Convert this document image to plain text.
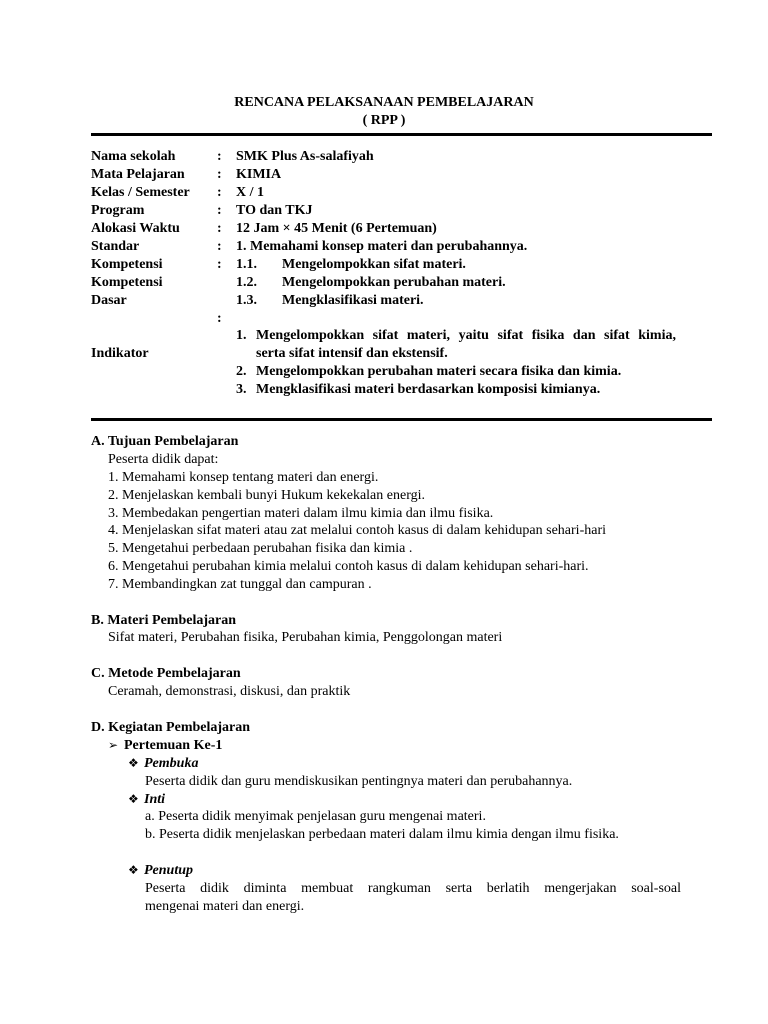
RENCANA PELAKSANAAN PEMBELAJARAN
( RPP )
Nama sekolah
Mata Pelajaran
Kelas / Semester
Program
Alokasi Waktu
Standar
Kompetensi
Kompetensi
Dasar
Indikator
:
:
:
:
:
:
:
:
SMK Plus As-salafiyah
KIMIA
X / 1
TO dan TKJ
12 Jam × 45 Menit (6 Pertemuan)
1. Memahami konsep materi dan perubahannya.
1.1. Mengelompokkan sifat materi.
1.2. Mengelompokkan perubahan materi.
1.3. Mengklasifikasi materi.
1. Mengelompokkan sifat materi, yaitu sifat fisika dan sifat kimia,
serta sifat intensif dan ekstensif.
2. Mengelompokkan perubahan materi secara fisika dan kimia.
3. Mengklasifikasi materi berdasarkan komposisi kimianya.
A. Tujuan Pembelajaran
Peserta didik dapat:
1. Memahami konsep tentang materi dan energi.
2. Menjelaskan kembali bunyi Hukum kekekalan energi.
3. Membedakan pengertian materi dalam ilmu kimia dan ilmu fisika.
4. Menjelaskan sifat materi atau zat melalui contoh kasus di dalam kehidupan sehari-hari
5. Mengetahui perbedaan perubahan fisika dan kimia .
6. Mengetahui perubahan kimia melalui contoh kasus di dalam kehidupan sehari-hari.
7. Membandingkan zat tunggal dan campuran .
B. Materi Pembelajaran
Sifat materi, Perubahan fisika, Perubahan kimia, Penggolongan materi
C. Metode Pembelajaran
Ceramah, demonstrasi, diskusi, dan praktik
D. Kegiatan Pembelajaran
➢ Pertemuan Ke-1
❖ Pembuka
Peserta didik dan guru mendiskusikan pentingnya materi dan perubahannya.
❖ Inti
a. Peserta didik menyimak penjelasan guru mengenai materi.
b. Peserta didik menjelaskan perbedaan materi dalam ilmu kimia dengan ilmu fisika.
❖ Penutup
Peserta didik diminta membuat rangkuman serta berlatih mengerjakan soal-soal
mengenai materi dan energi.
